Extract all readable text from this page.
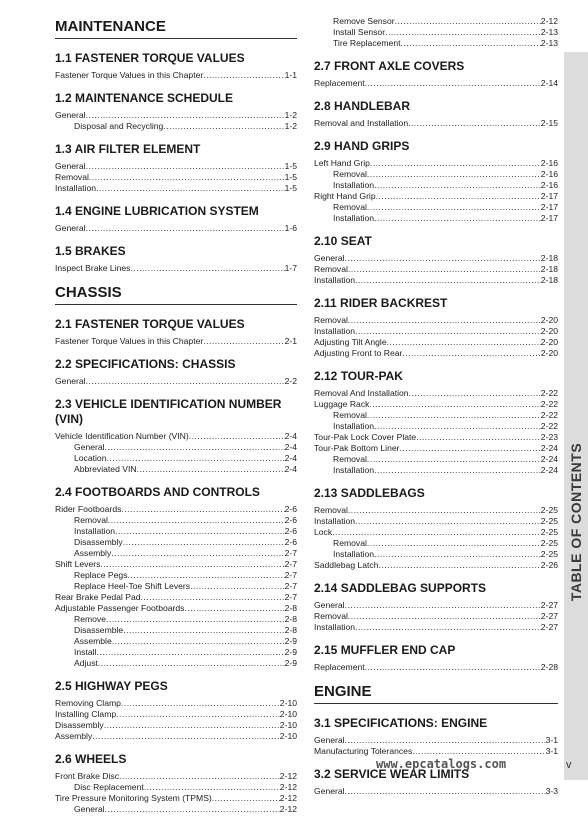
MAINTENANCE
1.1 FASTENER TORQUE VALUES
Fastener Torque Values in this Chapter .....	1-1
1.2 MAINTENANCE SCHEDULE
General .....	1-2
Disposal and Recycling .....	1-2
1.3 AIR FILTER ELEMENT
General .....	1-5
Removal .....	1-5
Installation .....	1-5
1.4 ENGINE LUBRICATION SYSTEM
General .....	1-6
1.5 BRAKES
Inspect Brake Lines .....	1-7
CHASSIS
2.1 FASTENER TORQUE VALUES
Fastener Torque Values in this Chapter .....	2-1
2.2 SPECIFICATIONS: CHASSIS
General .....	2-2
2.3 VEHICLE IDENTIFICATION NUMBER (VIN)
Vehicle Identification Number (VIN) .....	2-4
General .....	2-4
Location .....	2-4
Abbreviated VIN .....	2-4
2.4 FOOTBOARDS AND CONTROLS
Rider Footboards .....	2-6
Removal .....	2-6
Installation .....	2-6
Disassembly .....	2-6
Assembly .....	2-7
Shift Levers .....	2-7
Replace Pegs .....	2-7
Replace Heel-Toe Shift Levers .....	2-7
Rear Brake Pedal Pad .....	2-7
Adjustable Passenger Footboards .....	2-8
Remove .....	2-8
Disassemble .....	2-8
Assemble .....	2-9
Install .....	2-9
Adjust .....	2-9
2.5 HIGHWAY PEGS
Removing Clamp .....	2-10
Installing Clamp .....	2-10
Disassembly .....	2-10
Assembly .....	2-10
2.6 WHEELS
Front Brake Disc .....	2-12
Disc Replacement .....	2-12
Tire Pressure Monitoring System (TPMS) .....	2-12
General .....	2-12
Remove Sensor .....	2-12
Install Sensor .....	2-13
Tire Replacement .....	2-13
2.7 FRONT AXLE COVERS
Replacement .....	2-14
2.8 HANDLEBAR
Removal and Installation .....	2-15
2.9 HAND GRIPS
Left Hand Grip .....	2-16
Removal .....	2-16
Installation .....	2-16
Right Hand Grip .....	2-17
Removal .....	2-17
Installation .....	2-17
2.10 SEAT
General .....	2-18
Removal .....	2-18
Installation .....	2-18
2.11 RIDER BACKREST
Removal .....	2-20
Installation .....	2-20
Adjusting Tilt Angle .....	2-20
Adjusting Front to Rear .....	2-20
2.12 TOUR-PAK
Removal And Installation .....	2-22
Luggage Rack .....	2-22
Removal .....	2-22
Installation .....	2-22
Tour-Pak Lock Cover Plate .....	2-23
Tour-Pak Bottom Liner .....	2-24
Removal .....	2-24
Installation .....	2-24
2.13 SADDLEBAGS
Removal .....	2-25
Installation .....	2-25
Lock .....	2-25
Removal .....	2-25
Installation .....	2-25
Saddlebag Latch .....	2-26
2.14 SADDLEBAG SUPPORTS
General .....	2-27
Removal .....	2-27
Installation .....	2-27
2.15 MUFFLER END CAP
Replacement .....	2-28
ENGINE
3.1 SPECIFICATIONS: ENGINE
General .....	3-1
Manufacturing Tolerances .....	3-1
3.2 SERVICE WEAR LIMITS
General .....	3-3
TABLE OF CONTENTS
www.epcatalogs.com	v
